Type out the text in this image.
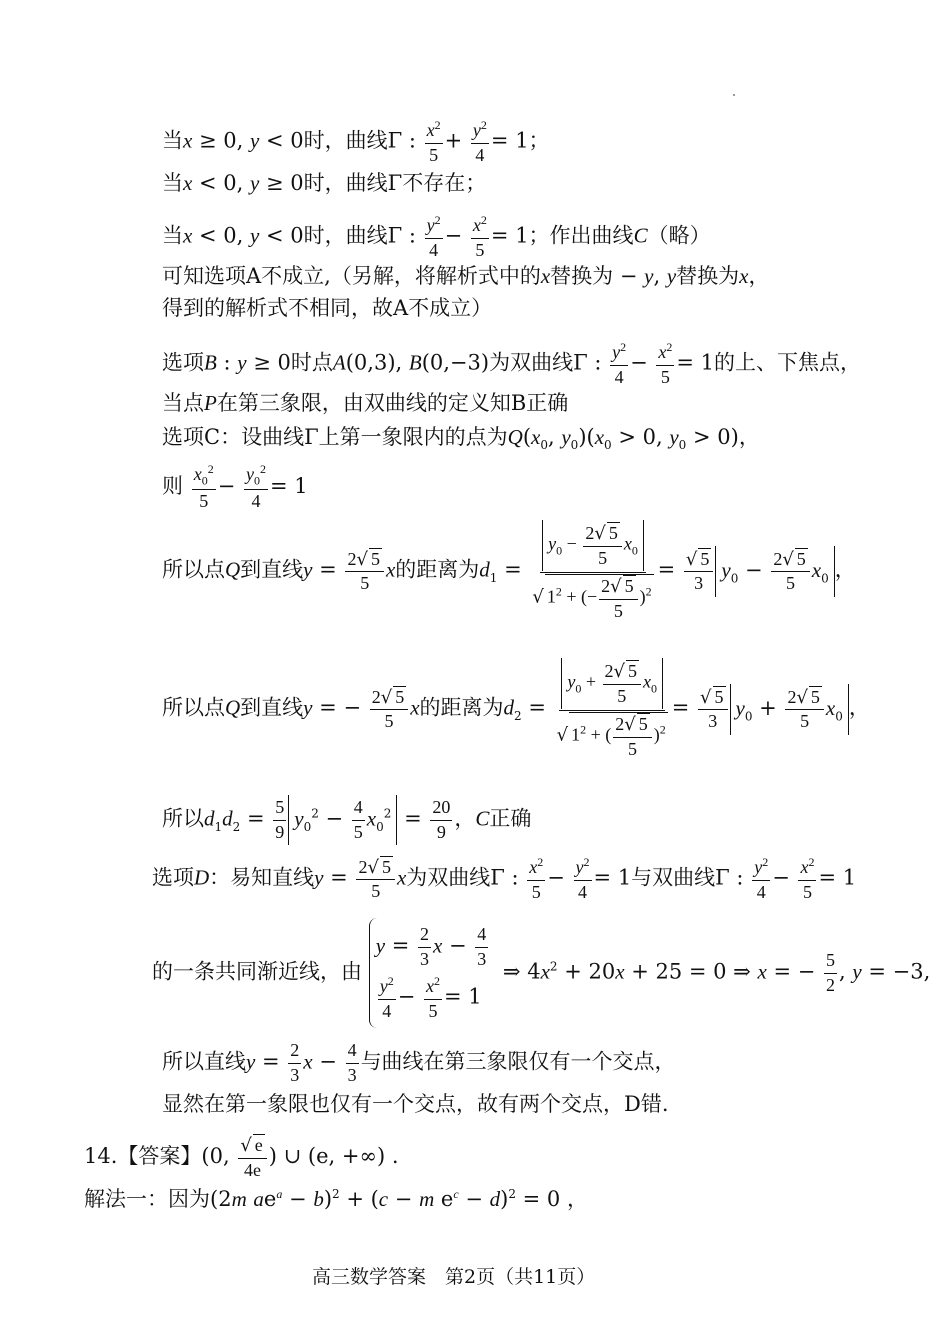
当x ≥ 0, y < 0时，曲线Γ : $\frac{x^2}{5} + \frac{y^2}{4} = 1$；
当x < 0, y ≥ 0时，曲线Γ不存在；
当x < 0, y < 0时，曲线Γ : $\frac{y^2}{4} - \frac{x^2}{5} = 1$；作出曲线C（略）
可知选项A不成立,（另解，将解析式中的x替换为 − y, y替换为x，
得到的解析式不相同，故A不成立）
选项B : y ≥ 0时点A(0,3), B(0,−3)为双曲线Γ : $\frac{y^2}{4} - \frac{x^2}{5} = 1$的上、下焦点，
当点P在第三象限，由双曲线的定义知B正确
选项C：设曲线Γ上第一象限内的点为$Q(x_0$, $y_0)(x_0 > 0$, $y_0 > 0$)，
则 $\frac{x_0^2}{5} - \frac{y_0^2}{4} = 1$
所以点Q到直线$y = \frac{2√ 5}{5}$ x的距离为$d_1 = \frac{y_0 - \frac{2√ 5}{5} x_0}{√ 1^2 + (- \frac{2√ 5}{5} )^2} = \frac{√ 5}{3} y_0 - \frac{2√ 5}{5} x_0$ ，
所以点Q到直线y = − $\frac{2√ 5}{5}$ x的距离为$d_2 = \frac{y_0 + \frac{2√ 5}{5} x_0}{√ 1^2 + ( \frac{2√ 5}{5} )^2} = \frac{√ 5}{3} y_0 + \frac{2√ 5}{5} x_0$ ，
所以$d_1d_2 = \frac{5}{9} y_0^2 - \frac{4}{5} x_0^2 = \frac{20}{9}$ ，C正确
选项D：易知直线$y = \frac{2√ 5}{5}$ x为双曲线Γ : $\frac{x^2}{5} - \frac{y^2}{4} = 1$与双曲线Γ : $\frac{y^2}{4} - \frac{x^2}{5} = 1$
的一条共同渐近线，由
$y = \frac{2}{3}$ $x - \frac{4}{3}$
$\frac{y^2}{4} - \frac{x^2}{5} = 1$
⇒ $4x^2 + 20x + 25 = 0$ ⇒ x = − $\frac{5}{2}$ , y = −3,
所以直线$y = \frac{2}{3}$ $x - \frac{4}{3}$ 与曲线在第三象限仅有一个交点，
显然在第一象限也仅有一个交点，故有两个交点，D错.
14.【答案】(0, $\frac{√ e}{4e}$ ) ∪ (e, +∞) .
解法一：因为(2m $ae^a - b)^2 + (c - m$ $e^c - d)^2 = 0$ ，
高三数学答案　第2页（共11页）
